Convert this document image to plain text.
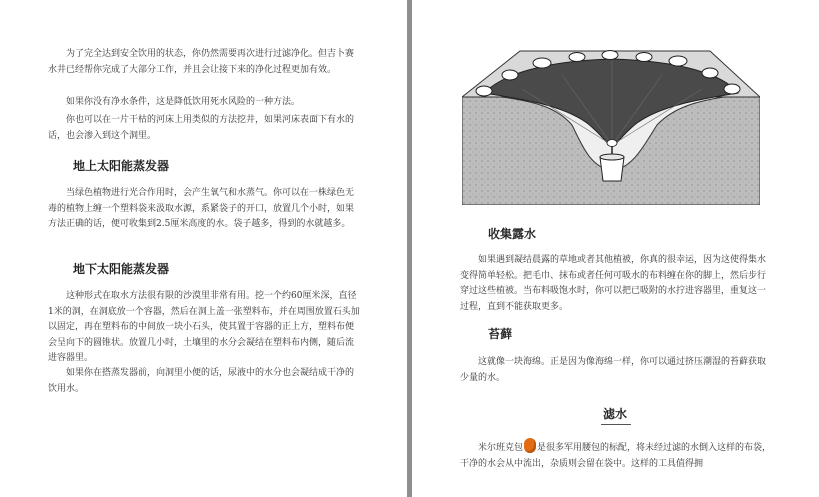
为了完全达到安全饮用的状态，你仍然需要再次进行过滤净化。但吉卜赛水井已经帮你完成了大部分工作，并且会让接下来的净化过程更加有效。

如果你没有净水条件，这是降低饮用死水风险的一种方法。

你也可以在一片干枯的河床上用类似的方法挖井，如果河床表面下有水的话，也会渗入到这个洞里。

地上太阳能蒸发器

当绿色植物进行光合作用时，会产生氧气和水蒸气。你可以在一株绿色无毒的植物上缠一个塑料袋来汲取水源，系紧袋子的开口，放置几个小时，如果方法正确的话，便可收集到2.5厘米高度的水。袋子越多，得到的水就越多。

地下太阳能蒸发器

这种形式在取水方法很有限的沙漠里非常有用。挖一个约60厘米深，直径1米的洞，在洞底放一个容器，然后在洞上盖一张塑料布，并在周围放置石头加以固定，再在塑料布的中间放一块小石头，使其置于容器的正上方，塑料布便会呈向下的圆锥状。放置几小时，土壤里的水分会凝结在塑料布内侧，随后流进容器里。

如果你在搭蒸发器前，向洞里小便的话，尿液中的水分也会凝结成干净的饮用水。

收集露水

如果遇到凝结晨露的草地或者其他植被，你真的很幸运，因为这使得集水变得简单轻松。把毛巾、抹布或者任何可吸水的布料缠在你的脚上，然后步行穿过这些植被。当布料吸饱水时，你可以把已吸附的水拧进容器里，重复这一过程，直到不能获取更多。

苔藓

这就像一块海绵。正是因为像海绵一样，你可以通过挤压潮湿的苔藓获取少量的水。

滤水

米尔班克包 是很多军用腰包的标配，将未经过滤的水倒入这样的布袋，干净的水会从中流出，杂质则会留在袋中。这样的工具值得拥
